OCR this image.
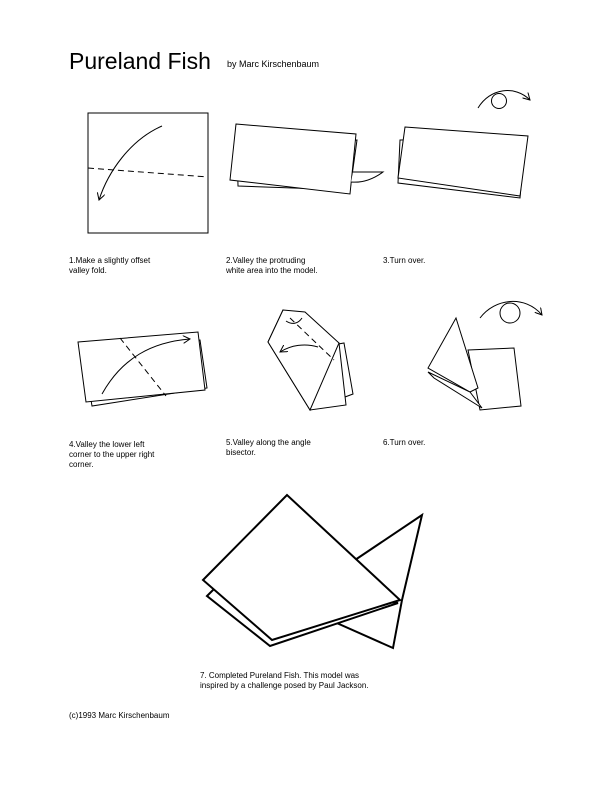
Pureland Fish by Marc Kirschenbaum
1.Make a slightly offset
valley fold.
2.Valley the protruding
white area into the model.
3.Turn over.
4.Valley the lower left
corner to the upper right
corner.
5.Valley along the angle
bisector.
6.Turn over.
7. Completed Pureland Fish. This model was
inspired by a challenge posed by Paul Jackson.
(c)1993 Marc Kirschenbaum
